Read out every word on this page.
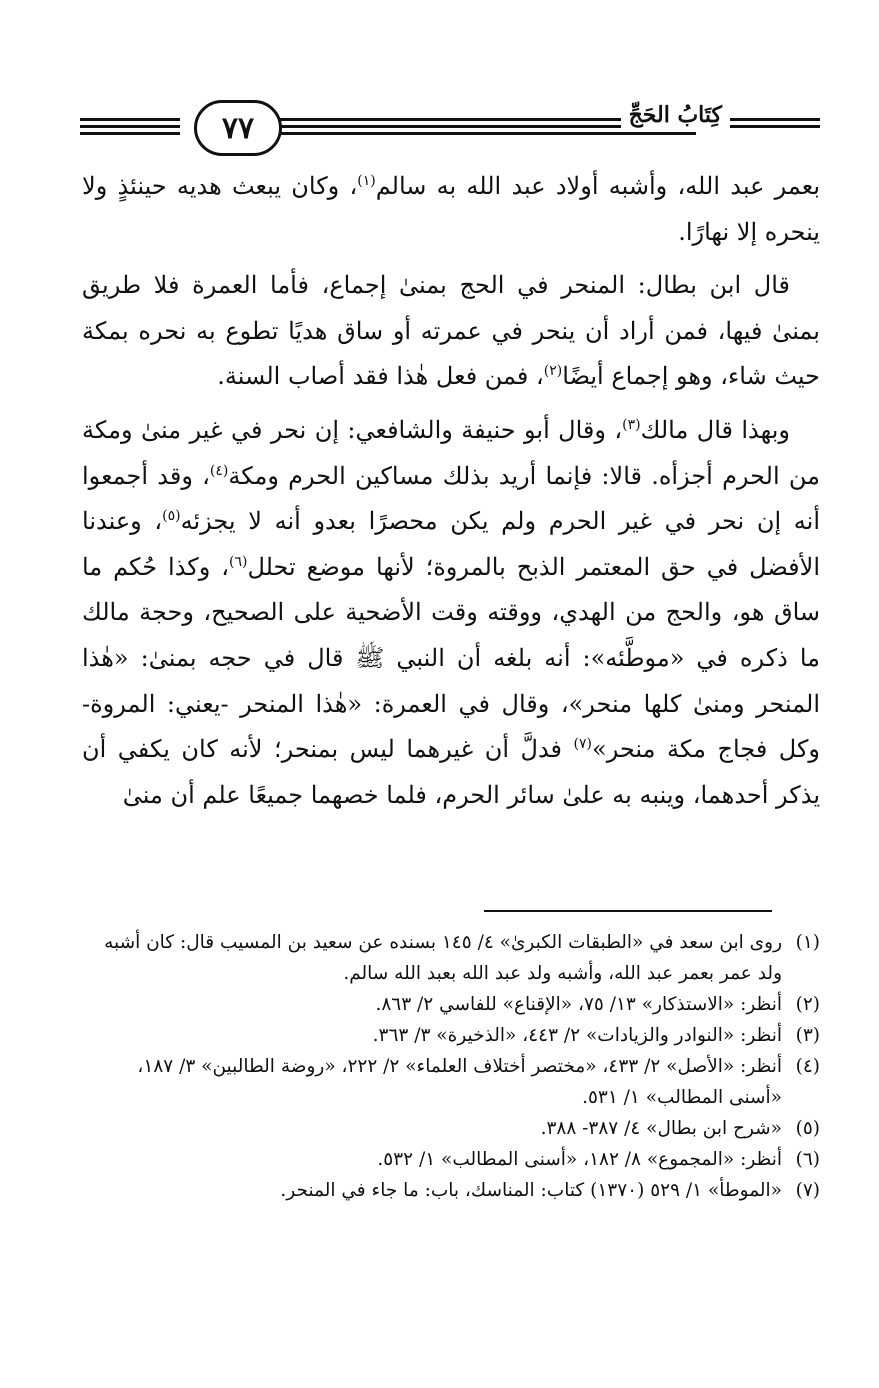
٧٧	كِتَابُ الحَجِّ

بعمر عبد الله، وأشبه أولاد عبد الله به سالم$^{(١)}$، وكان يبعث هديه حينئذٍ ولا ينحره إلا نهارًا.

قال ابن بطال: المنحر في الحج بمنىٰ إجماع، فأما العمرة فلا طريق بمنىٰ فيها، فمن أراد أن ينحر في عمرته أو ساق هديًا تطوع به نحره بمكة حيث شاء، وهو إجماع أيضًا$^{(٢)}$، فمن فعل هٰذا فقد أصاب السنة.

وبهذا قال مالك$^{(٣)}$، وقال أبو حنيفة والشافعي: إن نحر في غير منىٰ ومكة من الحرم أجزأه. قالا: فإنما أريد بذلك مساكين الحرم ومكة$^{(٤)}$، وقد أجمعوا أنه إن نحر في غير الحرم ولم يكن محصرًا بعدو أنه لا يجزئه$^{(٥)}$، وعندنا الأفضل في حق المعتمر الذبح بالمروة؛ لأنها موضع تحلل$^{(٦)}$، وكذا حُكم ما ساق هو، والحج من الهدي، ووقته وقت الأضحية على الصحيح، وحجة مالك ما ذكره في «موطَّئه»: أنه بلغه أن النبي ﷺ قال في حجه بمنىٰ: «هٰذا المنحر ومنىٰ كلها منحر»، وقال في العمرة: «هٰذا المنحر -يعني: المروة- وكل فجاج مكة منحر»$^{(٧)}$ فدلَّ أن غيرهما ليس بمنحر؛ لأنه كان يكفي أن يذكر أحدهما، وينبه به علىٰ سائر الحرم، فلما خصهما جميعًا علم أن منىٰ

(١)
روى ابن سعد في «الطبقات الكبرىٰ» ٤/ ١٤٥ بسنده عن سعيد بن المسيب قال: كان أشبه ولد عمر بعمر عبد الله، وأشبه ولد عبد الله بعبد الله سالم.
(٢)
أنظر: «الاستذكار» ١٣/ ٧٥، «الإقناع» للفاسي ٢/ ٨٦٣.
(٣)
أنظر: «النوادر والزيادات» ٢/ ٤٤٣، «الذخيرة» ٣/ ٣٦٣.
(٤)
أنظر: «الأصل» ٢/ ٤٣٣، «مختصر أختلاف العلماء» ٢/ ٢٢٢، «روضة الطالبين» ٣/ ١٨٧، «أسنى المطالب» ١/ ٥٣١.
(٥)
«شرح ابن بطال» ٤/ ٣٨٧- ٣٨٨.
(٦)
أنظر: «المجموع» ٨/ ١٨٢، «أسنى المطالب» ١/ ٥٣٢.
(٧)
«الموطأ» ١/ ٥٢٩ (١٣٧٠) كتاب: المناسك، باب: ما جاء في المنحر.
